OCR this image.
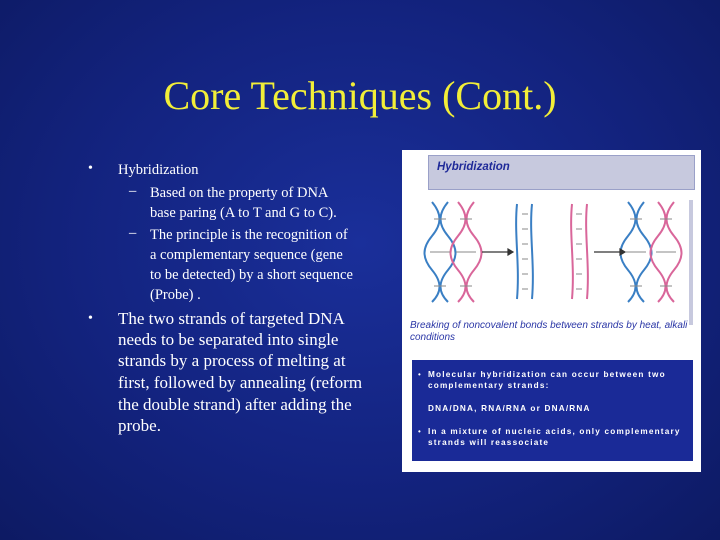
Core Techniques (Cont.)
• Hybridization
– Based on the property of DNA
base paring (A to T and G to C).
– The principle is the recognition of
a complementary sequence (gene
to be detected) by a short sequence
(Probe) .
• The two strands of targeted DNA
needs to be separated into single
strands by a process of melting at
first, followed by annealing (reform
the double strand) after adding the
probe.
Hybridization
Breaking of noncovalent bonds between strands by heat, alkali
conditions
• Molecular hybridization can occur between two
complementary strands:
DNA/DNA, RNA/RNA or DNA/RNA
• In a mixture of nucleic acids, only complementary
strands will reassociate
